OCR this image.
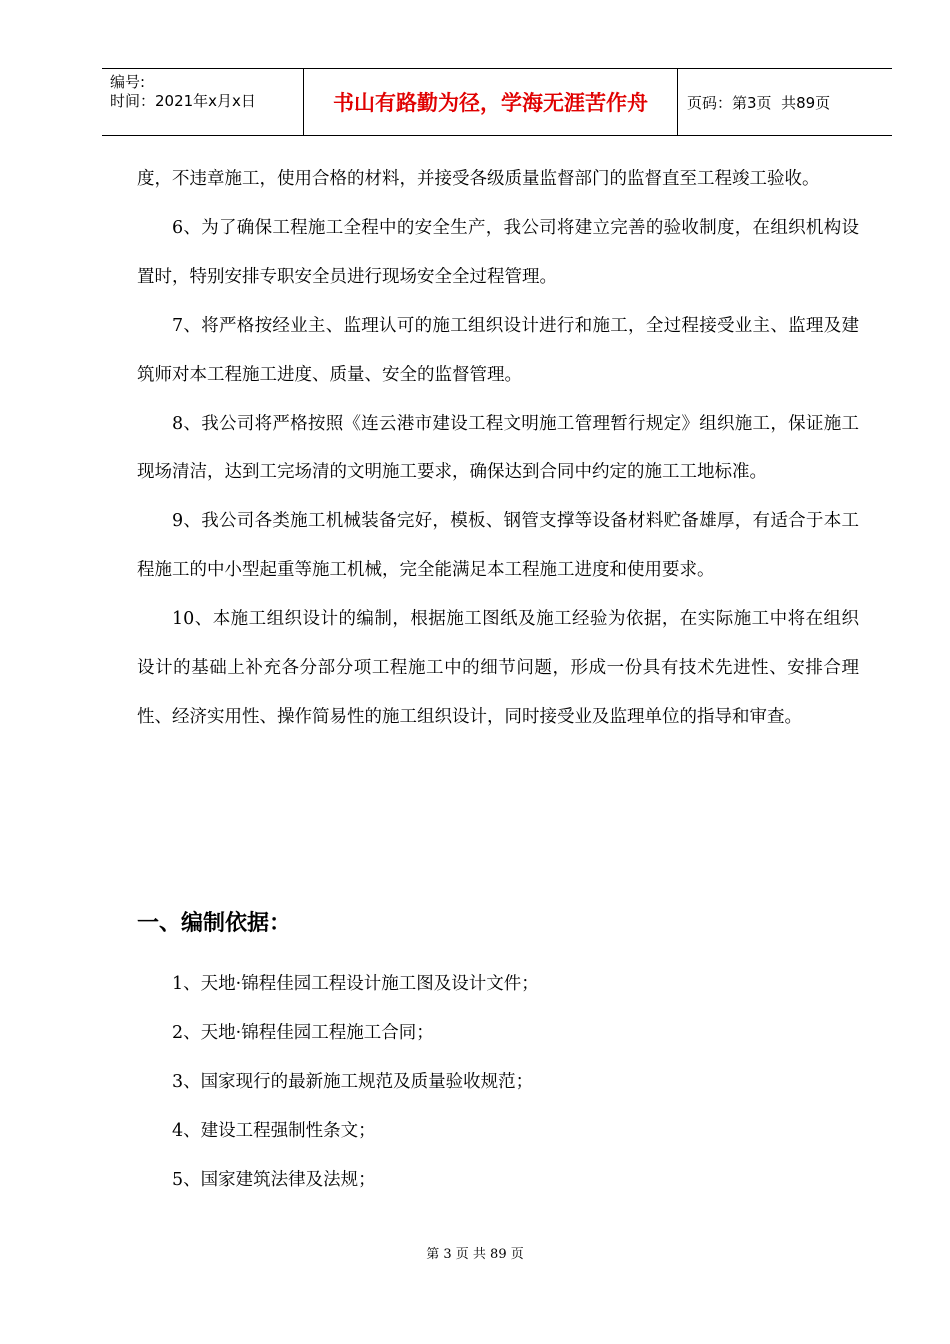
编号:
时间：2021年x月x日	书山有路勤为径，学海无涯苦作舟	页码：第3页  共89页

度，不违章施工，使用合格的材料，并接受各级质量监督部门的监督直至工程竣工验收。

6、为了确保工程施工全程中的安全生产，我公司将建立完善的验收制度，在组织机构设置时，特别安排专职安全员进行现场安全全过程管理。

7、将严格按经业主、监理认可的施工组织设计进行和施工，全过程接受业主、监理及建筑师对本工程施工进度、质量、安全的监督管理。

8、我公司将严格按照《连云港市建设工程文明施工管理暂行规定》组织施工，保证施工现场清洁，达到工完场清的文明施工要求，确保达到合同中约定的施工工地标准。

9、我公司各类施工机械装备完好，模板、钢管支撑等设备材料贮备雄厚，有适合于本工程施工的中小型起重等施工机械，完全能满足本工程施工进度和使用要求。

10、本施工组织设计的编制，根据施工图纸及施工经验为依据，在实际施工中将在组织设计的基础上补充各分部分项工程施工中的细节问题，形成一份具有技术先进性、安排合理性、经济实用性、操作简易性的施工组织设计，同时接受业及监理单位的指导和审查。

一、编制依据：

1、天地·锦程佳园工程设计施工图及设计文件；

2、天地·锦程佳园工程施工合同；

3、国家现行的最新施工规范及质量验收规范；

4、建设工程强制性条文；

5、国家建筑法律及法规；

第 3 页 共 89 页
